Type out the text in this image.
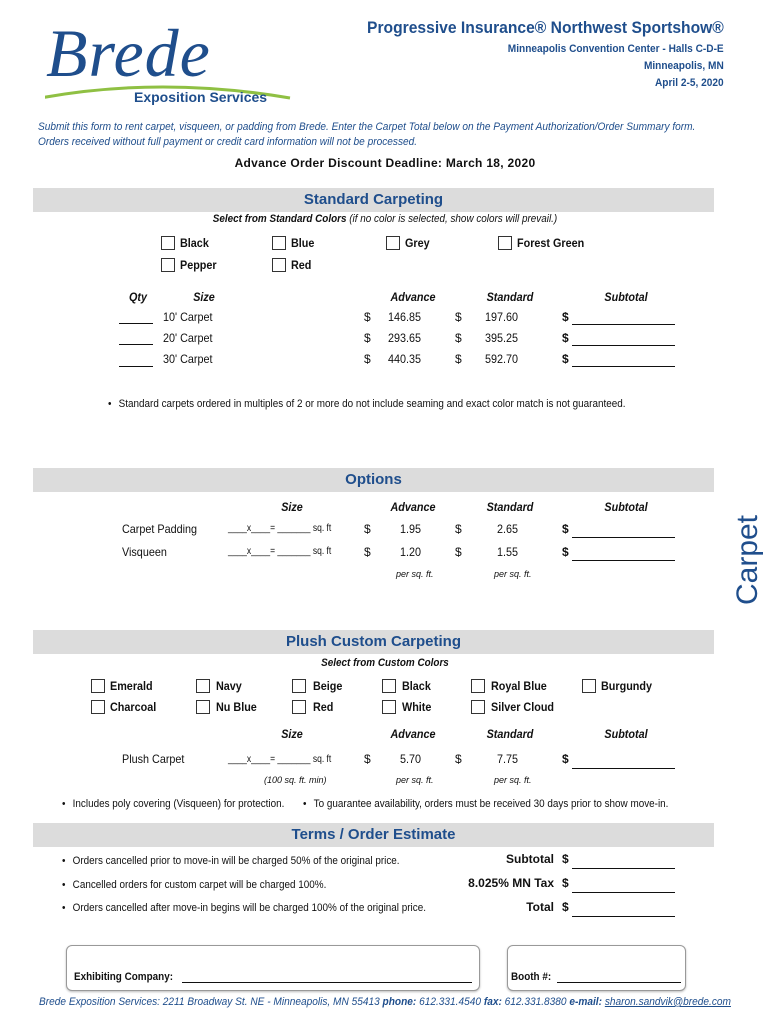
Brede
Exposition Services
Progressive Insurance® Northwest Sportshow®
Minneapolis Convention Center - Halls C-D-E
Minneapolis, MN
April 2-5, 2020
Submit this form to rent carpet, visqueen, or padding from Brede. Enter the Carpet Total below on the Payment Authorization/Order Summary form.
Orders received without full payment or credit card information will not be processed.
Advance Order Discount Deadline: March 18, 2020
Carpet
Standard Carpeting
Select from Standard Colors (if no color is selected, show colors will prevail.)
Black	Blue	Grey	Forest Green
Pepper	Red
Qty	Size	Advance	Standard	Subtotal
10' Carpet	$	146.85	$	197.60	$
20' Carpet	$	293.65	$	395.25	$
30' Carpet	$	440.35	$	592.70	$
• Standard carpets ordered in multiples of 2 or more do not include seaming and exact color match is not guaranteed.
Options
Size	Advance	Standard	Subtotal
Carpet Padding	____x____= _______ sq. ft	$	1.95	$	2.65	$
Visqueen	____x____= _______ sq. ft	$	1.20	$	1.55	$
per sq. ft.	per sq. ft.
Plush Custom Carpeting
Select from Custom Colors
Emerald	Navy	Beige	Black	Royal Blue	Burgundy
Charcoal	Nu Blue	Red	White	Silver Cloud
Size	Advance	Standard	Subtotal
Plush Carpet	____x____= _______ sq. ft	$	5.70	$	7.75	$
(100 sq. ft. min)	per sq. ft.	per sq. ft.
• Includes poly covering (Visqueen) for protection.
•	To guarantee availability, orders must be received 30 days prior to show move-in.
Terms / Order Estimate
• Orders cancelled prior to move-in will be charged 50% of the original price.
• Cancelled orders for custom carpet will be charged 100%.
• Orders cancelled after move-in begins will be charged 100% of the original price.
Subtotal $
8.025% MN Tax $
Total $
Exhibiting Company:	Booth #:
Brede Exposition Services: 2211 Broadway St. NE - Minneapolis, MN 55413 phone: 612.331.4540 fax: 612.331.8380 e-mail: sharon.sandvik@brede.com
